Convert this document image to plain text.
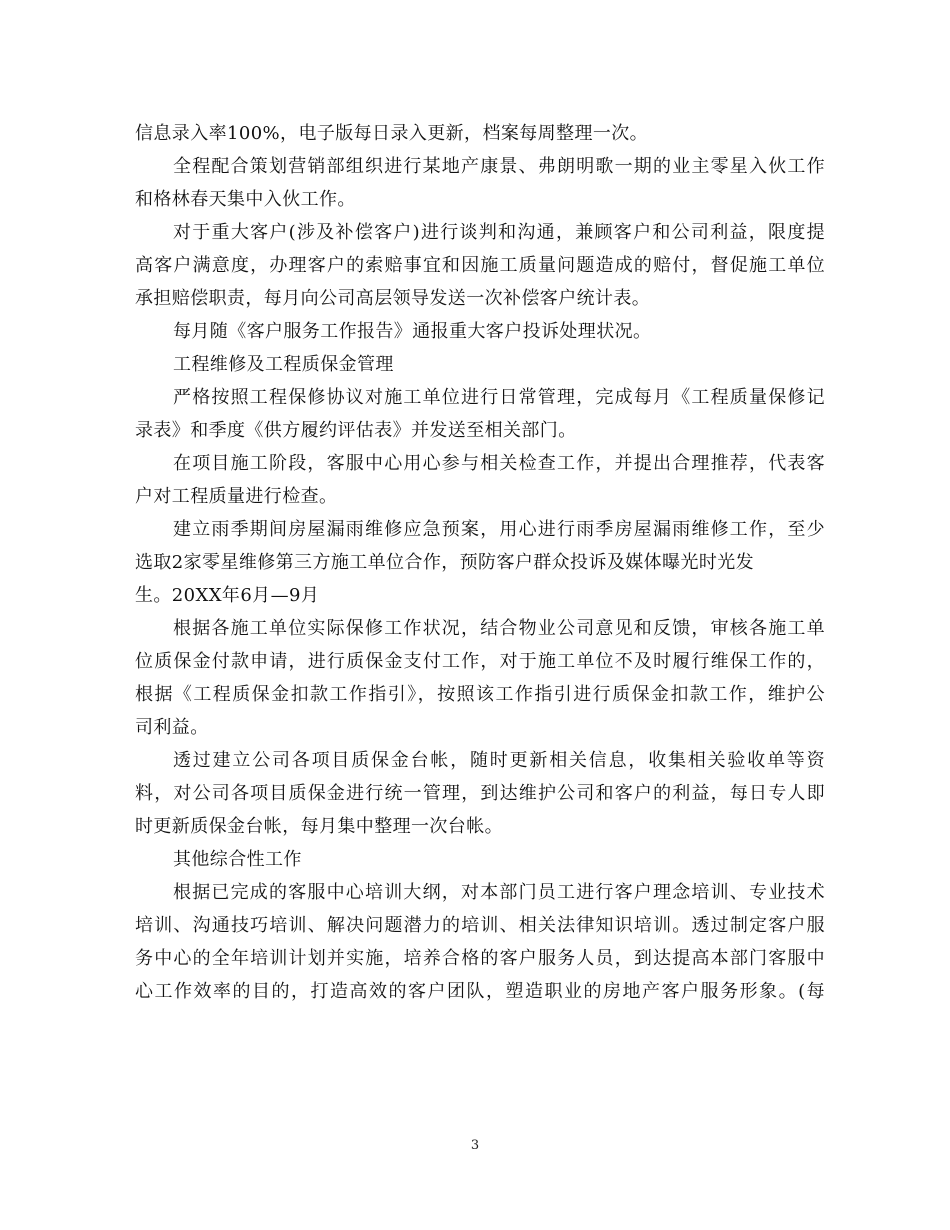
信息录入率100%，电子版每日录入更新，档案每周整理一次。
全程配合策划营销部组织进行某地产康景、弗朗明歌一期的业主零星入伙工作
和格林春天集中入伙工作。
对于重大客户(涉及补偿客户)进行谈判和沟通，兼顾客户和公司利益，限度提
高客户满意度，办理客户的索赔事宜和因施工质量问题造成的赔付，督促施工单位
承担赔偿职责，每月向公司高层领导发送一次补偿客户统计表。
每月随《客户服务工作报告》通报重大客户投诉处理状况。
工程维修及工程质保金管理
严格按照工程保修协议对施工单位进行日常管理，完成每月《工程质量保修记
录表》和季度《供方履约评估表》并发送至相关部门。
在项目施工阶段，客服中心用心参与相关检查工作，并提出合理推荐，代表客
户对工程质量进行检查。
建立雨季期间房屋漏雨维修应急预案，用心进行雨季房屋漏雨维修工作，至少
选取2家零星维修第三方施工单位合作，预防客户群众投诉及媒体曝光时光发
生。20XX年6月—9月
根据各施工单位实际保修工作状况，结合物业公司意见和反馈，审核各施工单
位质保金付款申请，进行质保金支付工作，对于施工单位不及时履行维保工作的，
根据《工程质保金扣款工作指引》，按照该工作指引进行质保金扣款工作，维护公
司利益。
透过建立公司各项目质保金台帐，随时更新相关信息，收集相关验收单等资
料，对公司各项目质保金进行统一管理，到达维护公司和客户的利益，每日专人即
时更新质保金台帐，每月集中整理一次台帐。
其他综合性工作
根据已完成的客服中心培训大纲，对本部门员工进行客户理念培训、专业技术
培训、沟通技巧培训、解决问题潜力的培训、相关法律知识培训。透过制定客户服
务中心的全年培训计划并实施，培养合格的客户服务人员，到达提高本部门客服中
心工作效率的目的，打造高效的客户团队，塑造职业的房地产客户服务形象。(每
3
